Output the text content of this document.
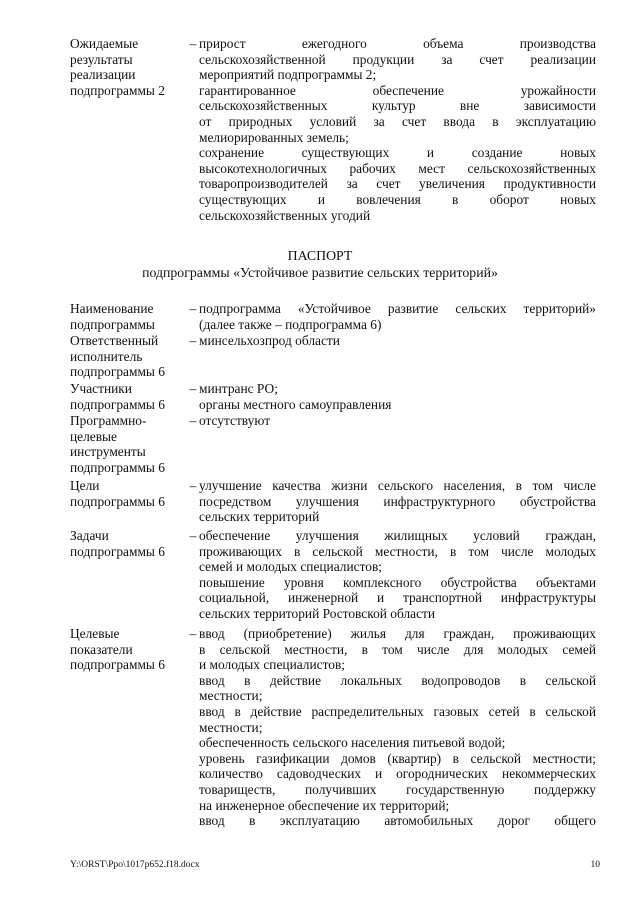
Ожидаемые
результаты
реализации
подпрограммы 2
– прирост ежегодного объема производства
сельскохозяйственной продукции за счет реализации
мероприятий подпрограммы 2;
гарантированное обеспечение урожайности
сельскохозяйственных культур вне зависимости
от природных условий за счет ввода в эксплуатацию
мелиорированных земель;
сохранение существующих и создание новых
высокотехнологичных рабочих мест сельскохозяйственных
товаропроизводителей за счет увеличения продуктивности
существующих и вовлечения в оборот новых
сельскохозяйственных угодий
ПАСПОРТ
подпрограммы «Устойчивое развитие сельских территорий»
Наименование
подпрограммы
– подпрограмма «Устойчивое развитие сельских территорий»
(далее также – подпрограмма 6)
Ответственный
исполнитель
подпрограммы 6
– минсельхозпрод области
Участники
подпрограммы 6
– минтранс РО;
органы местного самоуправления
Программно-
целевые
инструменты
подпрограммы 6
– отсутствуют
Цели
подпрограммы 6
– улучшение качества жизни сельского населения, в том числе
посредством улучшения инфраструктурного обустройства
сельских территорий
Задачи
подпрограммы 6
– обеспечение улучшения жилищных условий граждан,
проживающих в сельской местности, в том числе молодых
семей и молодых специалистов;
повышение уровня комплексного обустройства объектами
социальной, инженерной и транспортной инфраструктуры
сельских территорий Ростовской области
Целевые
показатели
подпрограммы 6
– ввод (приобретение) жилья для граждан, проживающих
в сельской местности, в том числе для молодых семей
и молодых специалистов;
ввод в действие локальных водопроводов в сельской
местности;
ввод в действие распределительных газовых сетей в сельской
местности;
обеспеченность сельского населения питьевой водой;
уровень газификации домов (квартир) в сельской местности;
количество садоводческих и огороднических некоммерческих
товариществ, получивших государственную поддержку
на инженерное обеспечение их территорий;
ввод в эксплуатацию автомобильных дорог общего
Y:\ORST\Ppo\1017p652.f18.docx	10
